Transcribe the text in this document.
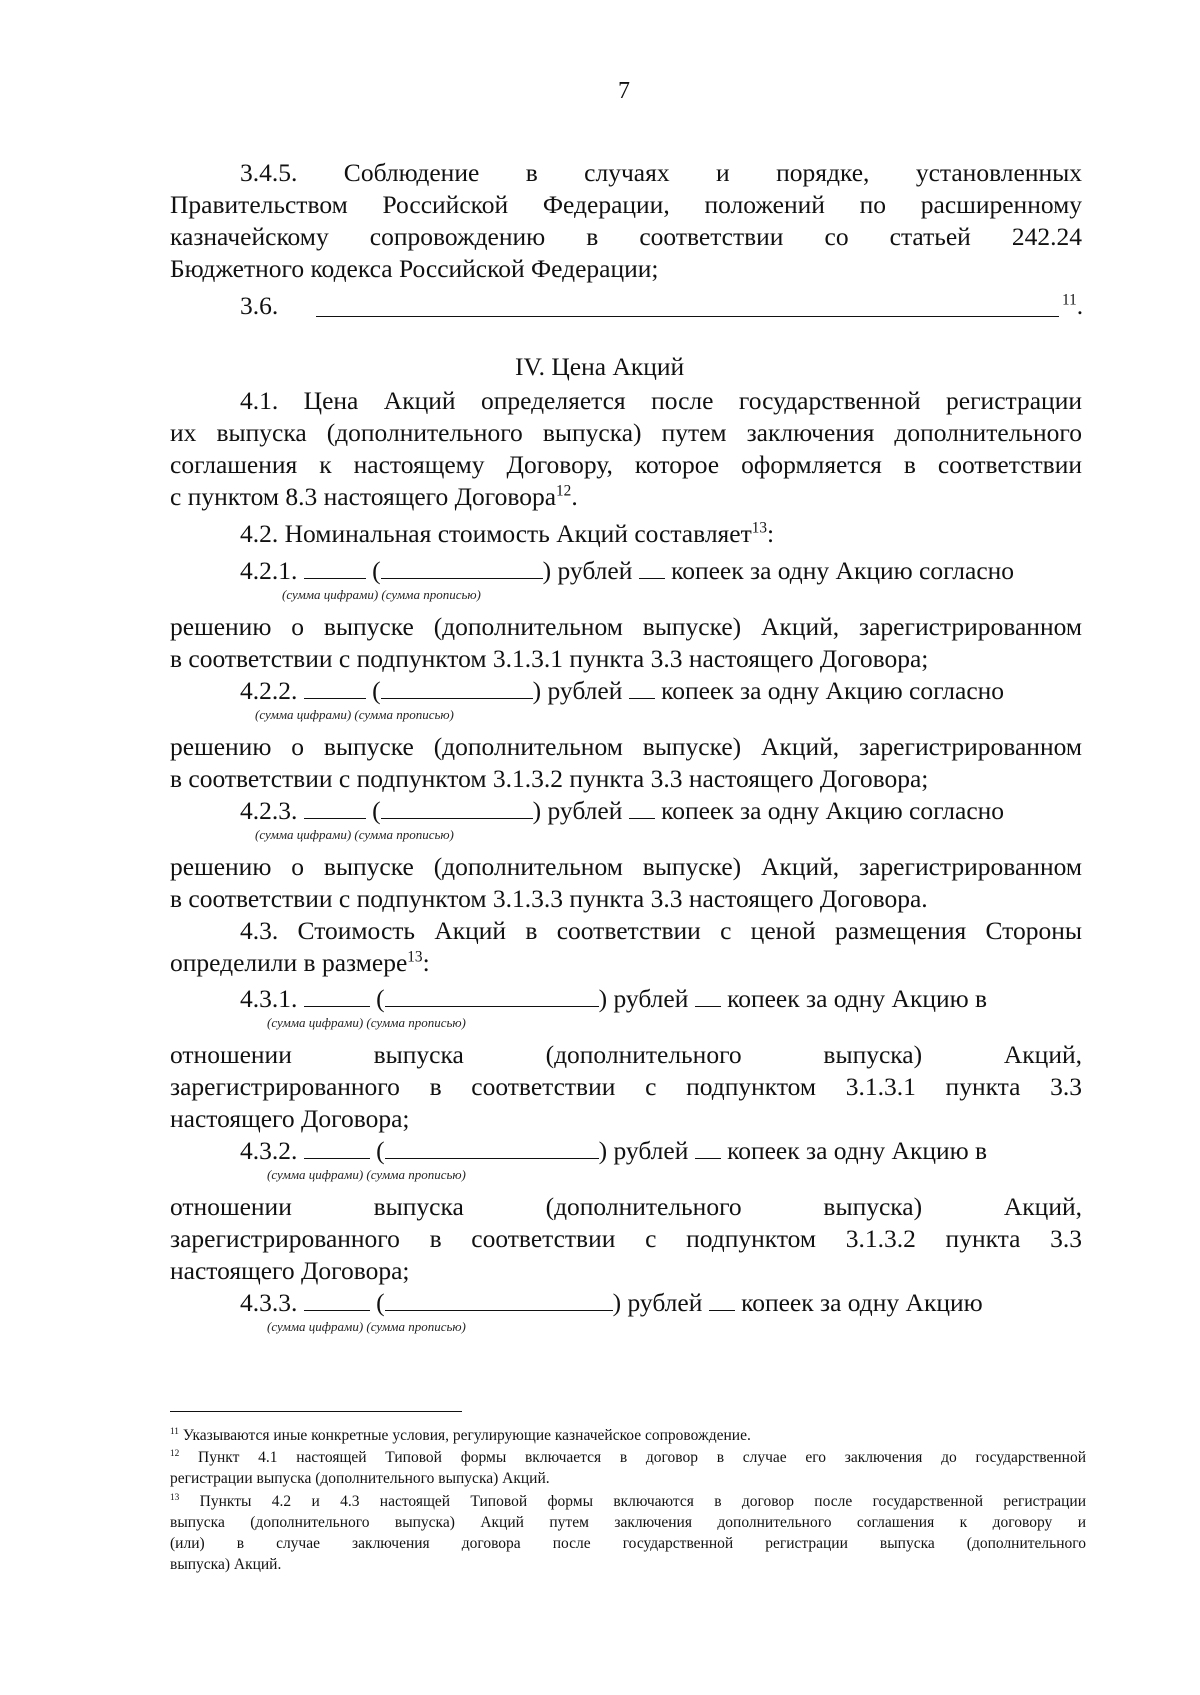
7
3.4.5. Соблюдение в случаях и порядке, установленных
Правительством Российской Федерации, положений по расширенному
казначейскому сопровождению в соответствии со статьей 242.24
Бюджетного кодекса Российской Федерации;
3.6.	$^{11}$.
IV. Цена Акций
4.1. Цена Акций определяется после государственной регистрации
их выпуска (дополнительного выпуска) путем заключения дополнительного
соглашения к настоящему Договору, которое оформляется в соответствии
с пунктом 8.3 настоящего Договора$^{12}$.
4.2. Номинальная стоимость Акций составляет$^{13}$:
4.2.1.	(	) рублей копеек за одну Акцию согласно
(сумма цифрами) (сумма прописью)
решению о выпуске (дополнительном выпуске) Акций, зарегистрированном
в соответствии с подпунктом 3.1.3.1 пункта 3.3 настоящего Договора;
4.2.2.	(	) рублей копеек за одну Акцию согласно
(сумма цифрами) (сумма прописью)
решению о выпуске (дополнительном выпуске) Акций, зарегистрированном
в соответствии с подпунктом 3.1.3.2 пункта 3.3 настоящего Договора;
4.2.3.	(	) рублей копеек за одну Акцию согласно
(сумма цифрами) (сумма прописью)
решению о выпуске (дополнительном выпуске) Акций, зарегистрированном
в соответствии с подпунктом 3.1.3.3 пункта 3.3 настоящего Договора.
4.3. Стоимость Акций в соответствии с ценой размещения Стороны
определили в размере$^{13}$:
4.3.1.	(	) рублей копеек за одну Акцию в
(сумма цифрами) (сумма прописью)
отношении выпуска (дополнительного выпуска) Акций,
зарегистрированного в соответствии с подпунктом 3.1.3.1 пункта 3.3
настоящего Договора;
4.3.2.	(	) рублей копеек за одну Акцию в
(сумма цифрами) (сумма прописью)
отношении выпуска (дополнительного выпуска) Акций,
зарегистрированного в соответствии с подпунктом 3.1.3.2 пункта 3.3
настоящего Договора;
4.3.3.	(	) рублей копеек за одну Акцию
(сумма цифрами) (сумма прописью)
$^{11}$ Указываются иные конкретные условия, регулирующие казначейское сопровождение.
$^{12}$ Пункт 4.1 настоящей Типовой формы включается в договор в случае его заключения до государственной
регистрации выпуска (дополнительного выпуска) Акций.
$^{13}$ Пункты 4.2 и 4.3 настоящей Типовой формы включаются в договор после государственной регистрации
выпуска (дополнительного выпуска) Акций путем заключения дополнительного соглашения к договору и
(или) в случае заключения договора после государственной регистрации выпуска (дополнительного
выпуска) Акций.
